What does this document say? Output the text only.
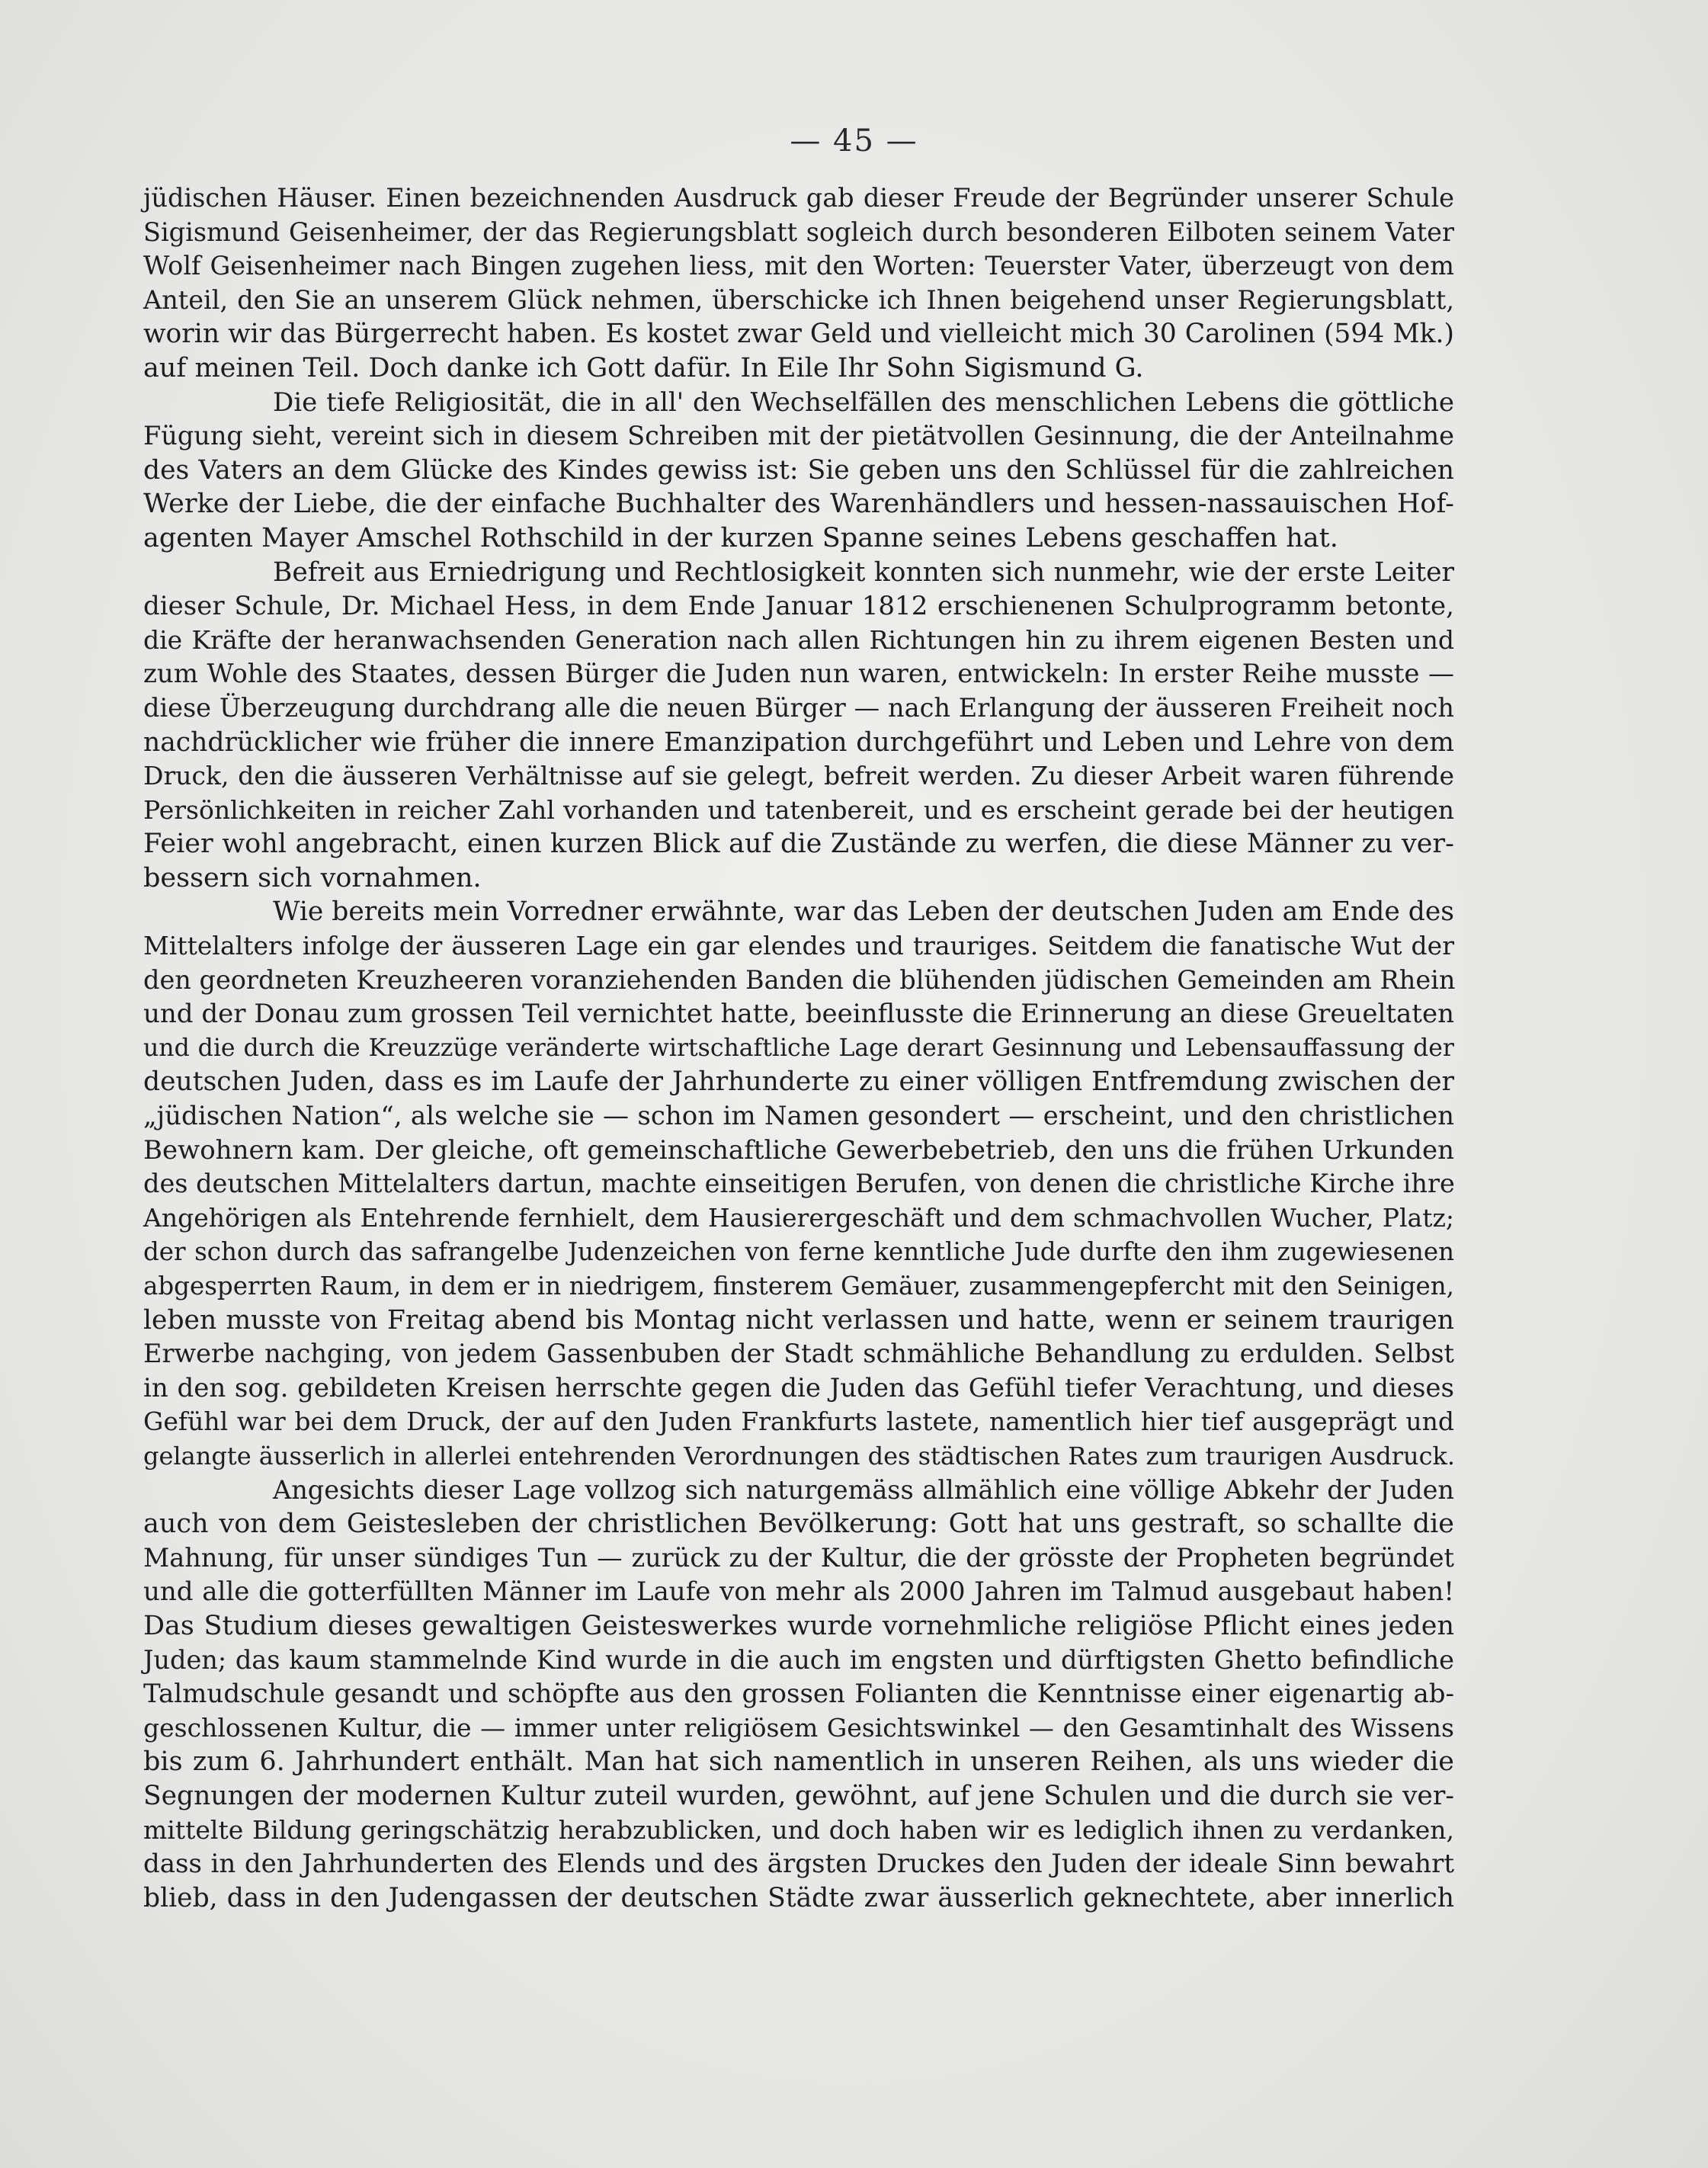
— 45 —
jüdischen Häuser. Einen bezeichnenden Ausdruck gab dieser Freude der Begründer unserer Schule
Sigismund Geisenheimer, der das Regierungsblatt sogleich durch besonderen Eilboten seinem Vater
Wolf Geisenheimer nach Bingen zugehen liess, mit den Worten: Teuerster Vater, überzeugt von dem
Anteil, den Sie an unserem Glück nehmen, überschicke ich Ihnen beigehend unser Regierungsblatt,
worin wir das Bürgerrecht haben. Es kostet zwar Geld und vielleicht mich 30 Carolinen (594 Mk.)
auf meinen Teil. Doch danke ich Gott dafür. In Eile Ihr Sohn Sigismund G.
Die tiefe Religiosität, die in all' den Wechselfällen des menschlichen Lebens die göttliche
Fügung sieht, vereint sich in diesem Schreiben mit der pietätvollen Gesinnung, die der Anteilnahme
des Vaters an dem Glücke des Kindes gewiss ist: Sie geben uns den Schlüssel für die zahlreichen
Werke der Liebe, die der einfache Buchhalter des Warenhändlers und hessen-nassauischen Hof-
agenten Mayer Amschel Rothschild in der kurzen Spanne seines Lebens geschaffen hat.
Befreit aus Erniedrigung und Rechtlosigkeit konnten sich nunmehr, wie der erste Leiter
dieser Schule, Dr. Michael Hess, in dem Ende Januar 1812 erschienenen Schulprogramm betonte,
die Kräfte der heranwachsenden Generation nach allen Richtungen hin zu ihrem eigenen Besten und
zum Wohle des Staates, dessen Bürger die Juden nun waren, entwickeln: In erster Reihe musste —
diese Überzeugung durchdrang alle die neuen Bürger — nach Erlangung der äusseren Freiheit noch
nachdrücklicher wie früher die innere Emanzipation durchgeführt und Leben und Lehre von dem
Druck, den die äusseren Verhältnisse auf sie gelegt, befreit werden. Zu dieser Arbeit waren führende
Persönlichkeiten in reicher Zahl vorhanden und tatenbereit, und es erscheint gerade bei der heutigen
Feier wohl angebracht, einen kurzen Blick auf die Zustände zu werfen, die diese Männer zu ver-
bessern sich vornahmen.
Wie bereits mein Vorredner erwähnte, war das Leben der deutschen Juden am Ende des
Mittelalters infolge der äusseren Lage ein gar elendes und trauriges. Seitdem die fanatische Wut der
den geordneten Kreuzheeren voranziehenden Banden die blühenden jüdischen Gemeinden am Rhein
und der Donau zum grossen Teil vernichtet hatte, beeinflusste die Erinnerung an diese Greueltaten
und die durch die Kreuzzüge veränderte wirtschaftliche Lage derart Gesinnung und Lebensauffassung der
deutschen Juden, dass es im Laufe der Jahrhunderte zu einer völligen Entfremdung zwischen der
„jüdischen Nation“, als welche sie — schon im Namen gesondert — erscheint, und den christlichen
Bewohnern kam. Der gleiche, oft gemeinschaftliche Gewerbebetrieb, den uns die frühen Urkunden
des deutschen Mittelalters dartun, machte einseitigen Berufen, von denen die christliche Kirche ihre
Angehörigen als Entehrende fernhielt, dem Hausierergeschäft und dem schmachvollen Wucher, Platz;
der schon durch das safrangelbe Judenzeichen von ferne kenntliche Jude durfte den ihm zugewiesenen
abgesperrten Raum, in dem er in niedrigem, finsterem Gemäuer, zusammengepfercht mit den Seinigen,
leben musste von Freitag abend bis Montag nicht verlassen und hatte, wenn er seinem traurigen
Erwerbe nachging, von jedem Gassenbuben der Stadt schmähliche Behandlung zu erdulden. Selbst
in den sog. gebildeten Kreisen herrschte gegen die Juden das Gefühl tiefer Verachtung, und dieses
Gefühl war bei dem Druck, der auf den Juden Frankfurts lastete, namentlich hier tief ausgeprägt und
gelangte äusserlich in allerlei entehrenden Verordnungen des städtischen Rates zum traurigen Ausdruck.
Angesichts dieser Lage vollzog sich naturgemäss allmählich eine völlige Abkehr der Juden
auch von dem Geistesleben der christlichen Bevölkerung: Gott hat uns gestraft, so schallte die
Mahnung, für unser sündiges Tun — zurück zu der Kultur, die der grösste der Propheten begründet
und alle die gotterfüllten Männer im Laufe von mehr als 2000 Jahren im Talmud ausgebaut haben!
Das Studium dieses gewaltigen Geisteswerkes wurde vornehmliche religiöse Pflicht eines jeden
Juden; das kaum stammelnde Kind wurde in die auch im engsten und dürftigsten Ghetto befindliche
Talmudschule gesandt und schöpfte aus den grossen Folianten die Kenntnisse einer eigenartig ab-
geschlossenen Kultur, die — immer unter religiösem Gesichtswinkel — den Gesamtinhalt des Wissens
bis zum 6. Jahrhundert enthält. Man hat sich namentlich in unseren Reihen, als uns wieder die
Segnungen der modernen Kultur zuteil wurden, gewöhnt, auf jene Schulen und die durch sie ver-
mittelte Bildung geringschätzig herabzublicken, und doch haben wir es lediglich ihnen zu verdanken,
dass in den Jahrhunderten des Elends und des ärgsten Druckes den Juden der ideale Sinn bewahrt
blieb, dass in den Judengassen der deutschen Städte zwar äusserlich geknechtete, aber innerlich
